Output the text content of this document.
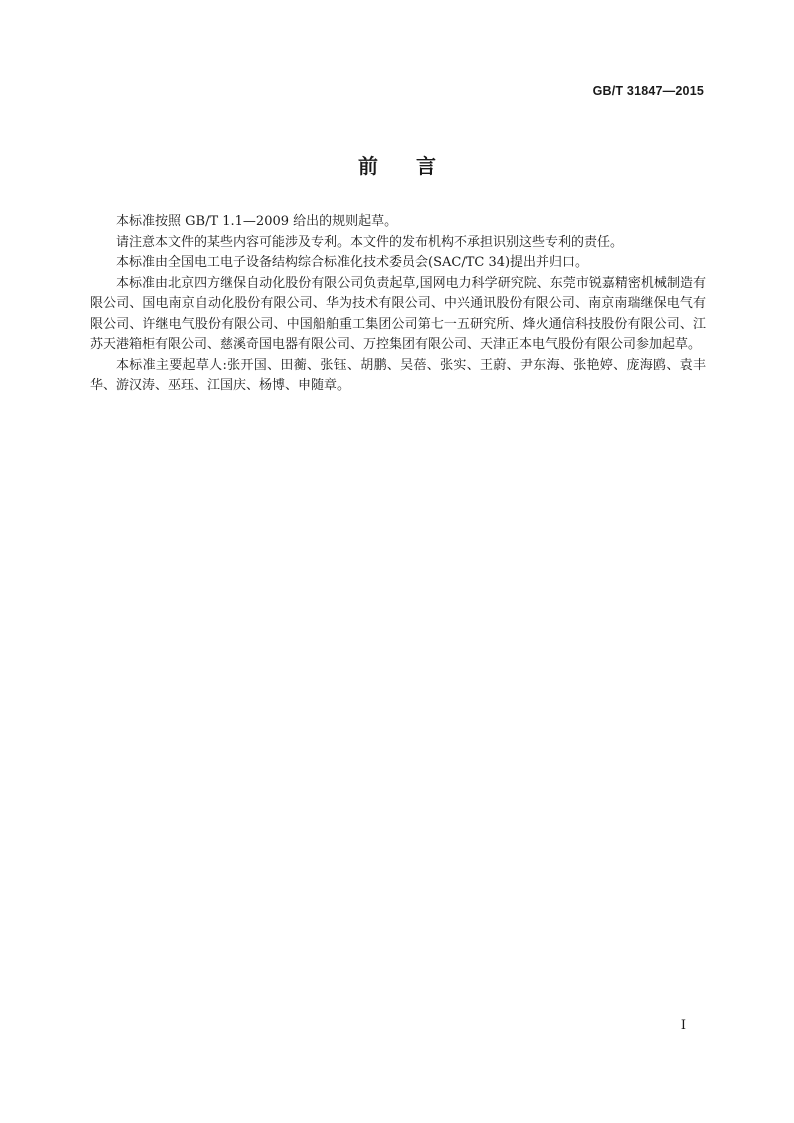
GB/T 31847—2015
前言

本标准按照 GB/T 1.1—2009 给出的规则起草。

请注意本文件的某些内容可能涉及专利。本文件的发布机构不承担识别这些专利的责任。

本标准由全国电工电子设备结构综合标准化技术委员会(SAC/TC 34)提出并归口。

本标准由北京四方继保自动化股份有限公司负责起草,国网电力科学研究院、东莞市锐嘉精密机械制造有限公司、国电南京自动化股份有限公司、华为技术有限公司、中兴通讯股份有限公司、南京南瑞继保电气有限公司、许继电气股份有限公司、中国船舶重工集团公司第七一五研究所、烽火通信科技股份有限公司、江苏天港箱柜有限公司、慈溪奇国电器有限公司、万控集团有限公司、天津正本电气股份有限公司参加起草。

本标准主要起草人:张开国、田蘅、张钰、胡鹏、吴蓓、张实、王蔚、尹东海、张艳婷、庞海鸥、袁丰华、游汉涛、巫珏、江国庆、杨博、申随章。

I
